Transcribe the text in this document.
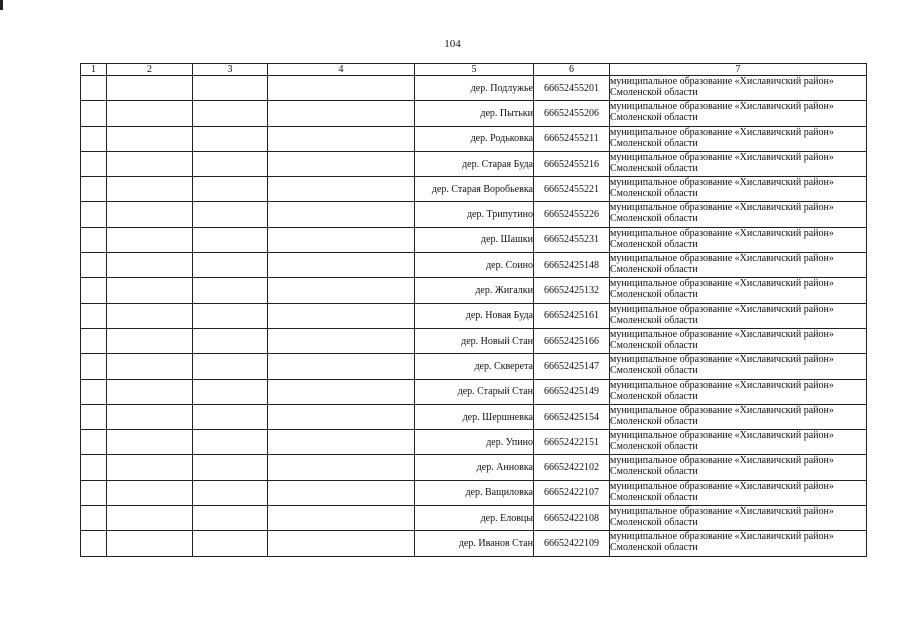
104
1	2	3	4	5	6	7
				дер. Подлужье	66652455201	муниципальное образование «Хиславичский район»
Смоленской области

				дер. Пытьки	66652455206	муниципальное образование «Хиславичский район»
Смоленской области

				дер. Родьковка	66652455211	муниципальное образование «Хиславичский район»
Смоленской области

				дер. Старая Буда	66652455216	муниципальное образование «Хиславичский район»
Смоленской области

				дер. Старая Воробьевка	66652455221	муниципальное образование «Хиславичский район»
Смоленской области

				дер. Трипутино	66652455226	муниципальное образование «Хиславичский район»
Смоленской области

				дер. Шашки	66652455231	муниципальное образование «Хиславичский район»
Смоленской области

				дер. Соино	66652425148	муниципальное образование «Хиславичский район»
Смоленской области

				дер. Жигалки	66652425132	муниципальное образование «Хиславичский район»
Смоленской области

				дер. Новая Буда	66652425161	муниципальное образование «Хиславичский район»
Смоленской области

				дер. Новый Стан	66652425166	муниципальное образование «Хиславичский район»
Смоленской области

				дер. Скверета	66652425147	муниципальное образование «Хиславичский район»
Смоленской области

				дер. Старый Стан	66652425149	муниципальное образование «Хиславичский район»
Смоленской области

				дер. Шершневка	66652425154	муниципальное образование «Хиславичский район»
Смоленской области

				дер. Упино	66652422151	муниципальное образование «Хиславичский район»
Смоленской области

				дер. Анновка	66652422102	муниципальное образование «Хиславичский район»
Смоленской области

				дер. Ващиловка	66652422107	муниципальное образование «Хиславичский район»
Смоленской области

				дер. Еловцы	66652422108	муниципальное образование «Хиславичский район»
Смоленской области

				дер. Иванов Стан	66652422109	муниципальное образование «Хиславичский район»
Смоленской области
